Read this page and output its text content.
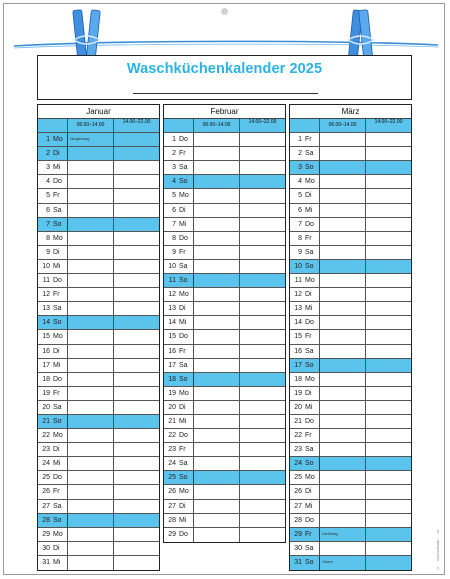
Waschküchenkalender 2025
Januar
06.00–14.00	14.00–22.00
1 Mo	Neujahrstag
2 Di
3 Mi
4 Do
5 Fr
6 Sa
7 So
8 Mo
9 Di
10 Mi
11 Do
12 Fr
13 Sa
14 So
15 Mo
16 Di
17 Mi
18 Do
19 Fr
20 Sa
21 So
22 Mo
23 Di
24 Mi
25 Do
26 Fr
27 Sa
28 So
29 Mo
30 Di
31 Mi
Februar
06.00–14.00	14.00–22.00
1 Do
2 Fr
3 Sa
4 So
5 Mo
6 Di
7 Mi
8 Do
9 Fr
10 Sa
11 So
12 Mo
13 Di
14 Mi
15 Do
16 Fr
17 Sa
18 So
19 Mo
20 Di
21 Mi
22 Do
23 Fr
24 Sa
25 So
26 Mo
27 Di
28 Mi
29 Do
März
06.00–14.00	14.00–22.00
1 Fr
2 Sa
3 So
4 Mo
5 Di
6 Mi
7 Do
8 Fr
9 Sa
10 So
11 Mo
12 Di
13 Mi
14 Do
15 Fr
16 Sa
17 So
18 Mo
19 Di
20 Mi
21 Do
22 Fr
23 Sa
24 So
25 Mo
26 Di
27 Mi
28 Do
29 Fr	Karfreitag
30 Sa
31 So	Ostern	© ... www.kalender-... .ch
